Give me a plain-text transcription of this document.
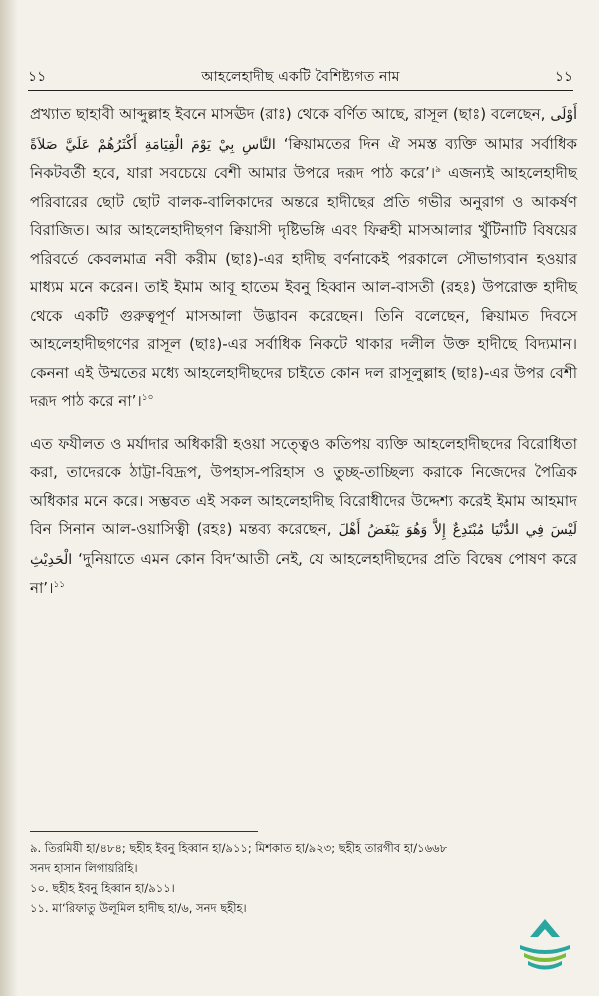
১১	আহলেহাদীছ একটি বৈশিষ্ট্যগত নাম	১১

প্রখ্যাত ছাহাবী আব্দুল্লাহ ইবনে মাসঊদ (রাঃ) থেকে বর্ণিত আছে, রাসূল (ছাঃ) বলেছেন, أَوْلَى النَّاسِ بِيْ يَوْمَ الْقِيَامَةِ أَكْثَرُهُمْ عَلَيَّ صَلاَةً ‘ক্বিয়ামতের দিন ঐ সমস্ত ব্যক্তি আমার সর্বাধিক নিকটবর্তী হবে, যারা সবচেয়ে বেশী আমার উপরে দরূদ পাঠ করে’।$^৯$ এজন্যই আহলেহাদীছ পরিবারের ছোট ছোট বালক-বালিকাদের অন্তরে হাদীছের প্রতি গভীর অনুরাগ ও আকর্ষণ বিরাজিত। আর আহলেহাদীছগণ ক্বিয়াসী দৃষ্টিভঙ্গি এবং ফিক্বহী মাসআলার খুঁটিনাটি বিষয়ের পরিবর্তে কেবলমাত্র নবী করীম (ছাঃ)-এর হাদীছ বর্ণনাকেই পরকালে সৌভাগ্যবান হওয়ার মাধ্যম মনে করেন। তাই ইমাম আবূ হাতেম ইবনু হিব্বান আল-বাসতী (রহঃ) উপরোক্ত হাদীছ থেকে একটি গুরুত্বপূর্ণ মাসআলা উদ্ভাবন করেছেন। তিনি বলেছেন, ক্বিয়ামত দিবসে আহলেহাদীছগণের রাসূল (ছাঃ)-এর সর্বাধিক নিকটে থাকার দলীল উক্ত হাদীছে বিদ্যমান। কেননা এই উম্মতের মধ্যে আহলেহাদীছদের চাইতে কোন দল রাসূলুল্লাহ (ছাঃ)-এর উপর বেশী দরূদ পাঠ করে না’।$^{১০}$

এত ফযীলত ও মর্যাদার অধিকারী হওয়া সত্ত্বেও কতিপয় ব্যক্তি আহলেহাদীছদের বিরোধিতা করা, তাদেরকে ঠাট্টা-বিদ্রূপ, উপহাস-পরিহাস ও তুচ্ছ-তাচ্ছিল্য করাকে নিজেদের পৈত্রিক অধিকার মনে করে। সম্ভবত এই সকল আহলেহাদীছ বিরোধীদের উদ্দেশ্য করেই ইমাম আহমাদ বিন সিনান আল-ওয়াসিত্বী (রহঃ) মন্তব্য করেছেন, لَيْسَ فِي الدُّنْيَا مُبْتَدِعٌ إِلاَّ وَهُوَ يَبْغَضُ أَهْلَ الْحَدِيْثِ ‘দুনিয়াতে এমন কোন বিদ‘আতী নেই, যে আহলেহাদীছদের প্রতি বিদ্বেষ পোষণ করে না’।$^{১১}$

৯. তিরমিযী হা/৪৮৪; ছহীহ ইবনু হিব্বান হা/৯১১; মিশকাত হা/৯২৩; ছহীহ তারগীব হা/১৬৬৮
সনদ হাসান লিগায়রিহি।
১০. ছহীহ ইবনু হিব্বান হা/৯১১।
১১. মা‘রিফাতু উলূমিল হাদীছ হা/৬, সনদ ছহীহ।
